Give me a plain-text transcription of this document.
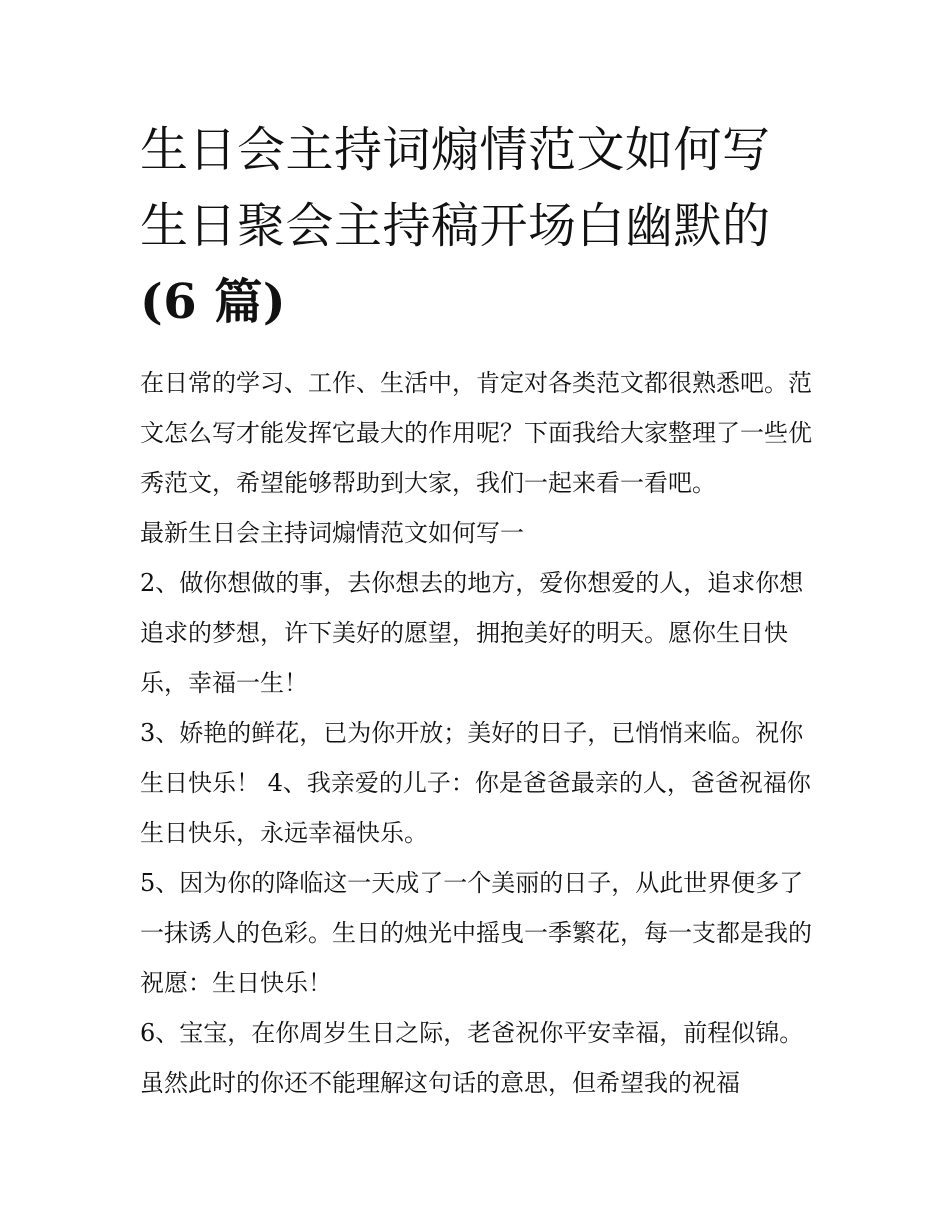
生日会主持词煽情范文如何写
生日聚会主持稿开场白幽默的
(6 篇)

在日常的学习、工作、生活中，肯定对各类范文都很熟悉吧。范文怎么写才能发挥它最大的作用呢？下面我给大家整理了一些优秀范文，希望能够帮助到大家，我们一起来看一看吧。

最新生日会主持词煽情范文如何写一

2、做你想做的事，去你想去的地方，爱你想爱的人，追求你想追求的梦想，许下美好的愿望，拥抱美好的明天。愿你生日快乐，幸福一生！

3、娇艳的鲜花，已为你开放；美好的日子，已悄悄来临。祝你生日快乐！ 4、我亲爱的儿子：你是爸爸最亲的人，爸爸祝福你生日快乐，永远幸福快乐。

5、因为你的降临这一天成了一个美丽的日子，从此世界便多了一抹诱人的色彩。生日的烛光中摇曳一季繁花，每一支都是我的祝愿：生日快乐！

6、宝宝，在你周岁生日之际，老爸祝你平安幸福，前程似锦。虽然此时的你还不能理解这句话的意思，但希望我的祝福
